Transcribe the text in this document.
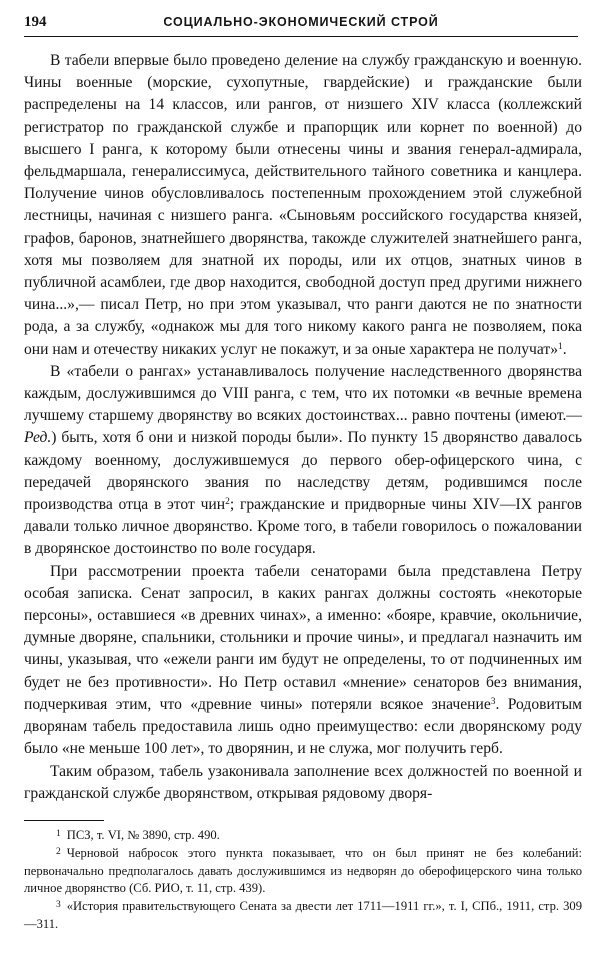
194	СОЦИАЛЬНО-ЭКОНОМИЧЕСКИЙ СТРОЙ

В табели впервые было проведено деление на службу гражданскую и военную. Чины военные (морские, сухопутные, гвардейские) и гражданские были распределены на 14 классов, или рангов, от низшего XIV класса (коллежский регистратор по гражданской службе и прапорщик или корнет по военной) до высшего I ранга, к которому были отнесены чины и звания генерал-адмирала, фельдмаршала, генералиссимуса, действительного тайного советника и канцлера. Получение чинов обусловливалось постепенным прохождением этой служебной лестницы, начиная с низшего ранга. «Сыновьям российского государства князей, графов, баронов, знатнейшего дворянства, такожде служителей знатнейшего ранга, хотя мы позволяем для знатной их породы, или их отцов, знатных чинов в публичной асамблеи, где двор находится, свободной доступ пред другими нижнего чина...»,— писал Петр, но при этом указывал, что ранги даются не по знатности рода, а за службу, «однакож мы для того никому какого ранга не позволяем, пока они нам и отечеству никаких услуг не покажут, и за оные характера не получат»$^1$.

В «табели о рангах» устанавливалось получение наследственного дворянства каждым, дослужившимся до VIII ранга, с тем, что их потомки «в вечные времена лучшему старшему дворянству во всяких достоинствах... равно почтены (имеют.—Ред.) быть, хотя б они и низкой породы были». По пункту 15 дворянство давалось каждому военному, дослужившемуся до первого обер-офицерского чина, с передачей дворянского звания по наследству детям, родившимся после производства отца в этот чин$^2$; гражданские и придворные чины XIV—IX рангов давали только личное дворянство. Кроме того, в табели говорилось о пожаловании в дворянское достоинство по воле государя.

При рассмотрении проекта табели сенаторами была представлена Петру особая записка. Сенат запросил, в каких рангах должны состоять «некоторые персоны», оставшиеся «в древних чинах», а именно: «бояре, кравчие, окольничие, думные дворяне, спальники, стольники и прочие чины», и предлагал назначить им чины, указывая, что «ежели ранги им будут не определены, то от подчиненных им будет не без противности». Но Петр оставил «мнение» сенаторов без внимания, подчеркивая этим, что «древние чины» потеряли всякое значение$^3$. Родовитым дворянам табель предоставила лишь одно преимущество: если дворянскому роду было «не меньше 100 лет», то дворянин, и не служа, мог получить герб.

Таким образом, табель узаконивала заполнение всех должностей по военной и гражданской службе дворянством, открывая рядовому дворя-

$^1$ ПСЗ, т. VI, № 3890, стр. 490.

$^2$ Черновой набросок этого пункта показывает, что он был принят не без колебаний: первоначально предполагалось давать дослужившимся из недворян до оберофицерского чина только личное дворянство (Сб. РИО, т. 11, стр. 439).

$^3$ «История правительствующего Сената за двести лет 1711—1911 гг.», т. I, СПб., 1911, стр. 309—311.
